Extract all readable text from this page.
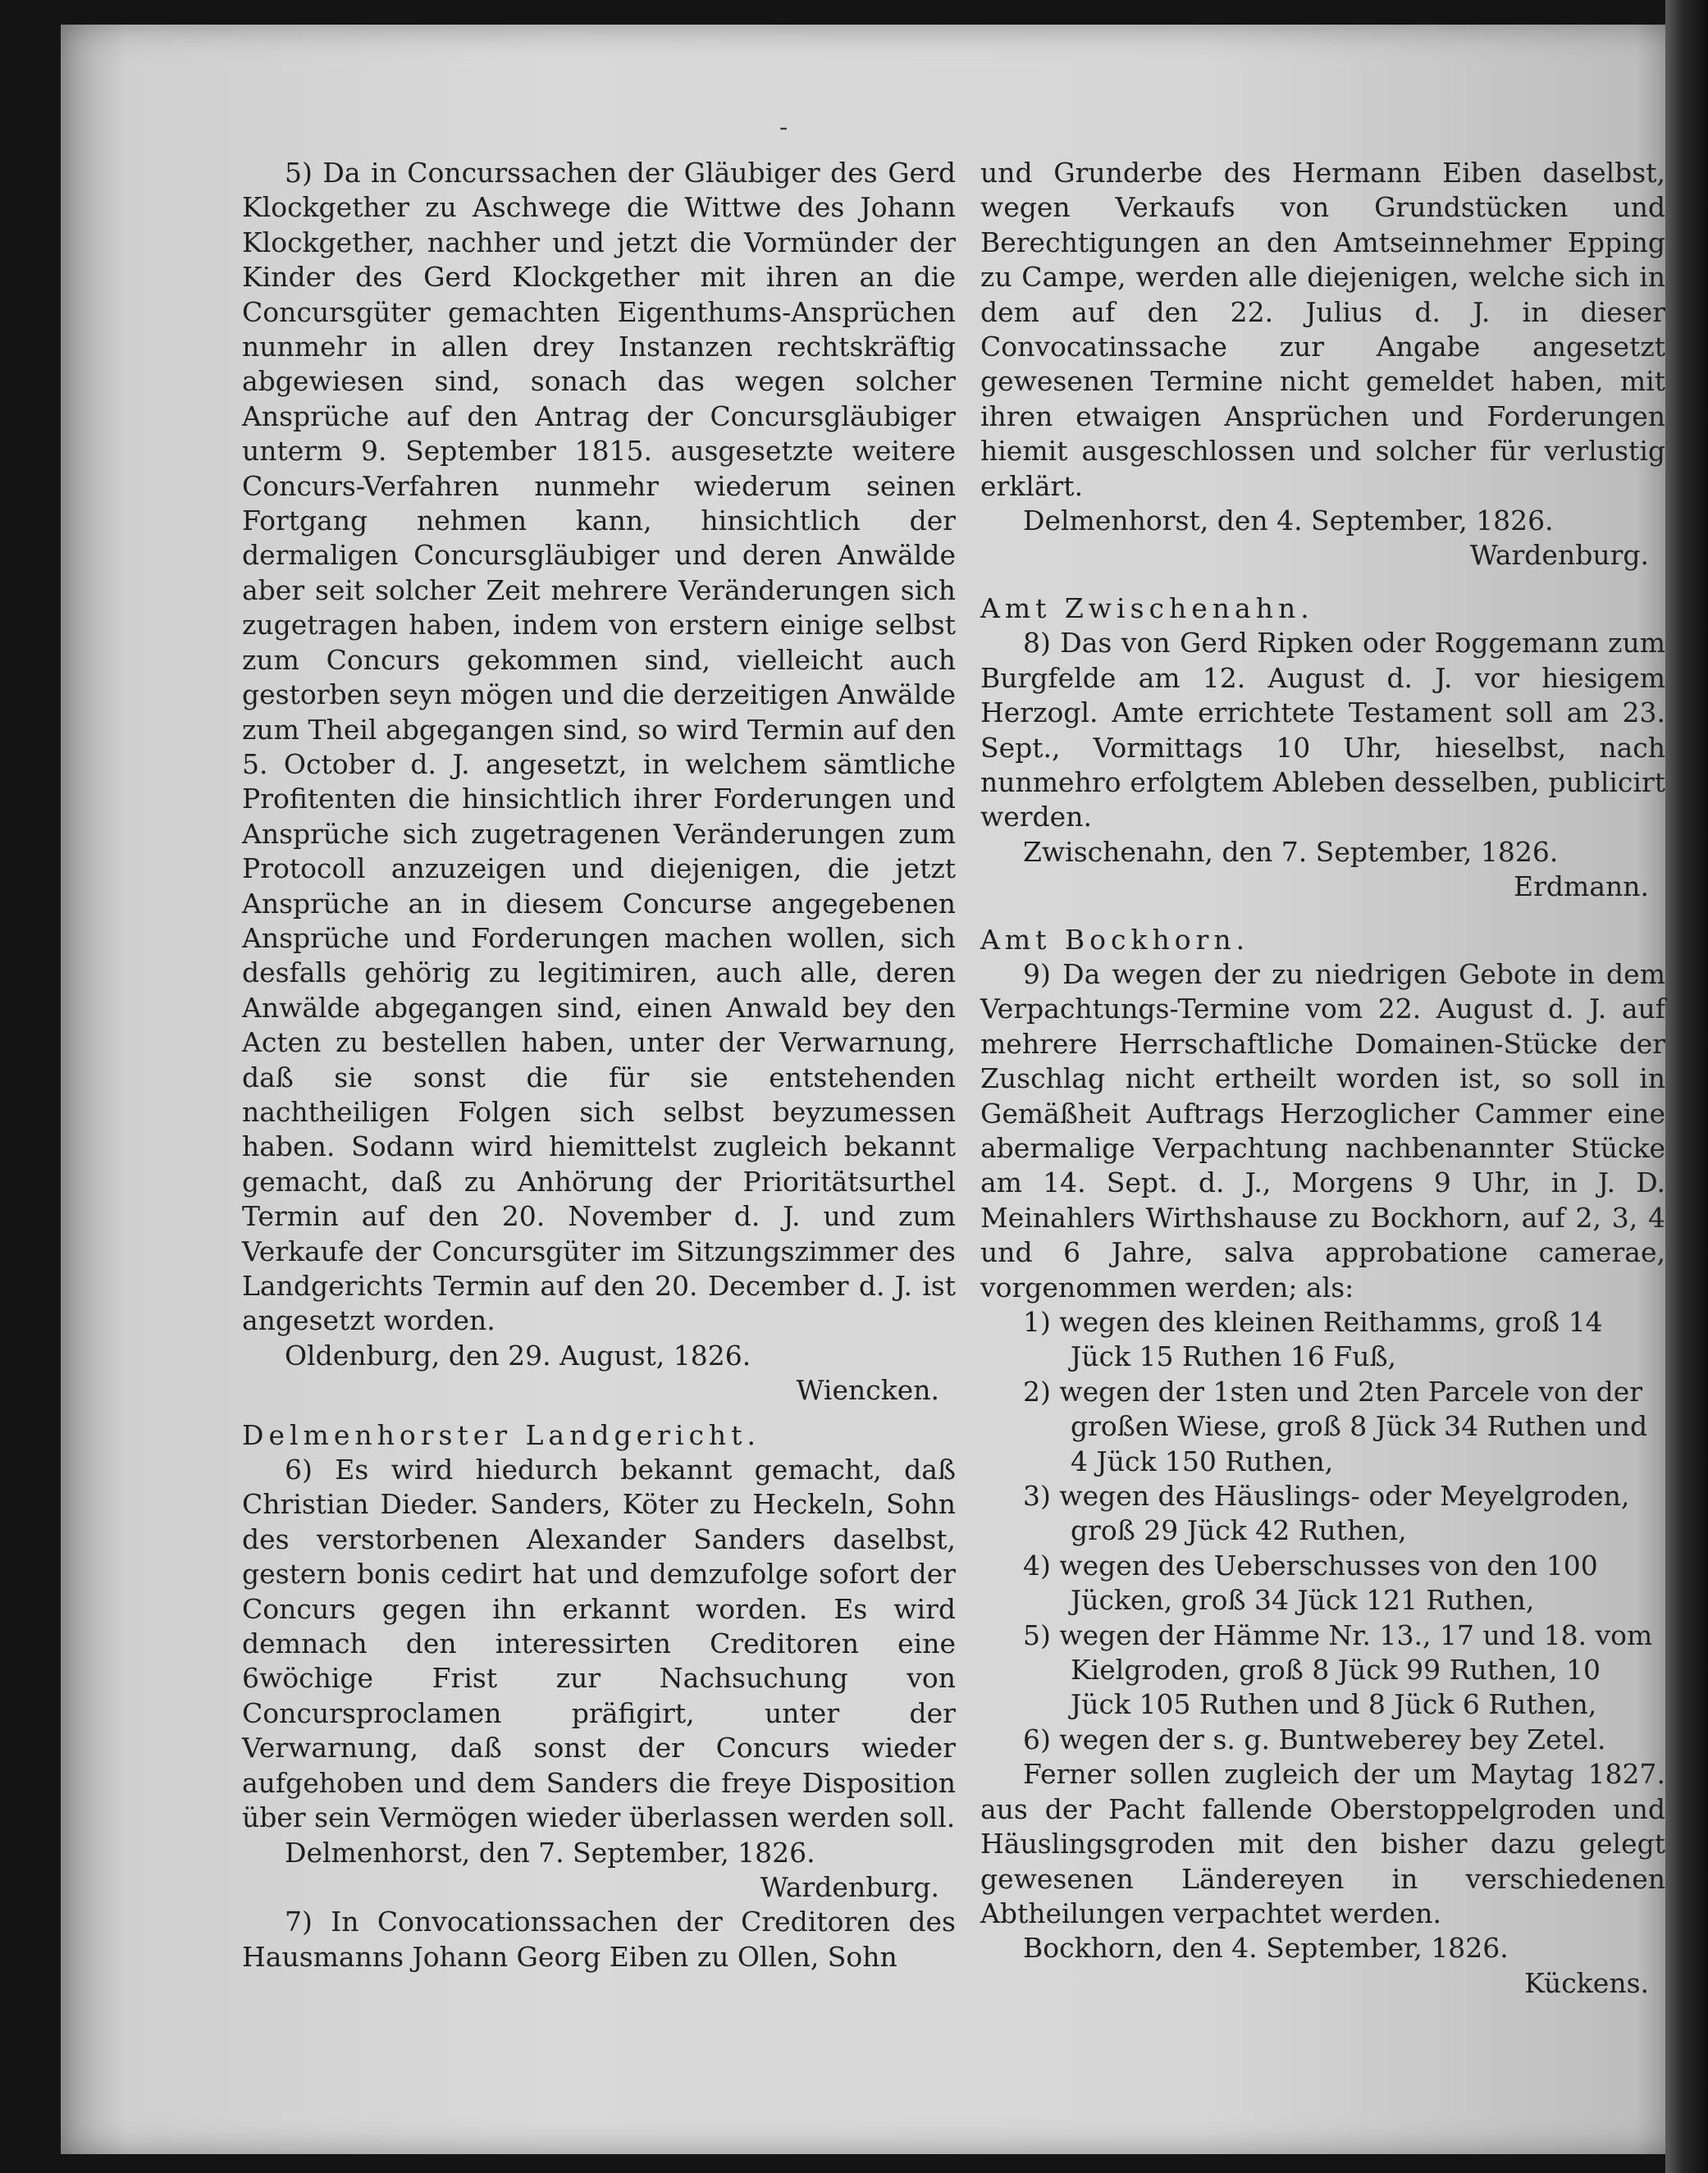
-

5) Da in Concurssachen der Gläubiger des Gerd Klockgether zu Aschwege die Wittwe des Johann Klockgether, nachher und jetzt die Vormünder der Kinder des Gerd Klockgether mit ihren an die Concursgüter gemachten Eigenthums-Ansprüchen nunmehr in allen drey Instanzen rechtskräftig abgewiesen sind, sonach das wegen solcher Ansprüche auf den Antrag der Concursgläubiger unterm 9. September 1815. ausgesetzte weitere Concurs-Verfahren nunmehr wiederum seinen Fortgang nehmen kann, hinsichtlich der dermaligen Concursgläubiger und deren Anwälde aber seit solcher Zeit mehrere Veränderungen sich zugetragen haben, indem von erstern einige selbst zum Concurs gekommen sind, vielleicht auch gestorben seyn mögen und die derzeitigen Anwälde zum Theil abgegangen sind, so wird Termin auf den 5. October d. J. angesetzt, in welchem sämtliche Profitenten die hinsichtlich ihrer Forderungen und Ansprüche sich zugetragenen Veränderungen zum Protocoll anzuzeigen und diejenigen, die jetzt Ansprüche an in diesem Concurse angegebenen Ansprüche und Forderungen machen wollen, sich desfalls gehörig zu legitimiren, auch alle, deren Anwälde abgegangen sind, einen Anwald bey den Acten zu bestellen haben, unter der Verwarnung, daß sie sonst die für sie entstehenden nachtheiligen Folgen sich selbst beyzumessen haben. Sodann wird hiemittelst zugleich bekannt gemacht, daß zu Anhörung der Prioritätsurthel Termin auf den 20. November d. J. und zum Verkaufe der Concursgüter im Sitzungszimmer des Landgerichts Termin auf den 20. December d. J. ist angesetzt worden.

Oldenburg, den 29. August, 1826.

Wiencken.

Delmenhorster Landgericht.

6) Es wird hiedurch bekannt gemacht, daß Christian Dieder. Sanders, Köter zu Heckeln, Sohn des verstorbenen Alexander Sanders daselbst, gestern bonis cedirt hat und demzufolge sofort der Concurs gegen ihn erkannt worden. Es wird demnach den interessirten Creditoren eine 6wöchige Frist zur Nachsuchung von Concursproclamen präfigirt, unter der Verwarnung, daß sonst der Concurs wieder aufgehoben und dem Sanders die freye Disposition über sein Vermögen wieder überlassen werden soll.

Delmenhorst, den 7. September, 1826.

Wardenburg.

7) In Convocationssachen der Creditoren des Hausmanns Johann Georg Eiben zu Ollen, Sohn

und Grunderbe des Hermann Eiben daselbst, wegen Verkaufs von Grundstücken und Berechtigungen an den Amtseinnehmer Epping zu Campe, werden alle diejenigen, welche sich in dem auf den 22. Julius d. J. in dieser Convocatinssache zur Angabe angesetzt gewesenen Termine nicht gemeldet haben, mit ihren etwaigen Ansprüchen und Forderungen hiemit ausgeschlossen und solcher für verlustig erklärt.

Delmenhorst, den 4. September, 1826.

Wardenburg.

Amt Zwischenahn.

8) Das von Gerd Ripken oder Roggemann zum Burgfelde am 12. August d. J. vor hiesigem Herzogl. Amte errichtete Testament soll am 23. Sept., Vormittags 10 Uhr, hieselbst, nach nunmehro erfolgtem Ableben desselben, publicirt werden.

Zwischenahn, den 7. September, 1826.

Erdmann.

Amt Bockhorn.

9) Da wegen der zu niedrigen Gebote in dem Verpachtungs-Termine vom 22. August d. J. auf mehrere Herrschaftliche Domainen-Stücke der Zuschlag nicht ertheilt worden ist, so soll in Gemäßheit Auftrags Herzoglicher Cammer eine abermalige Verpachtung nachbenannter Stücke am 14. Sept. d. J., Morgens 9 Uhr, in J. D. Meinahlers Wirthshause zu Bockhorn, auf 2, 3, 4 und 6 Jahre, salva approbatione camerae, vorgenommen werden; als:

1) wegen des kleinen Reithamms, groß 14 Jück 15 Ruthen 16 Fuß,

2) wegen der 1sten und 2ten Parcele von der großen Wiese, groß 8 Jück 34 Ruthen und 4 Jück 150 Ruthen,

3) wegen des Häuslings- oder Meyelgroden, groß 29 Jück 42 Ruthen,

4) wegen des Ueberschusses von den 100 Jücken, groß 34 Jück 121 Ruthen,

5) wegen der Hämme Nr. 13., 17 und 18. vom Kielgroden, groß 8 Jück 99 Ruthen, 10 Jück 105 Ruthen und 8 Jück 6 Ruthen,

6) wegen der s. g. Buntweberey bey Zetel.

Ferner sollen zugleich der um Maytag 1827. aus der Pacht fallende Oberstoppelgroden und Häuslingsgroden mit den bisher dazu gelegt gewesenen Ländereyen in verschiedenen Abtheilungen verpachtet werden.

Bockhorn, den 4. September, 1826.

Kückens.
